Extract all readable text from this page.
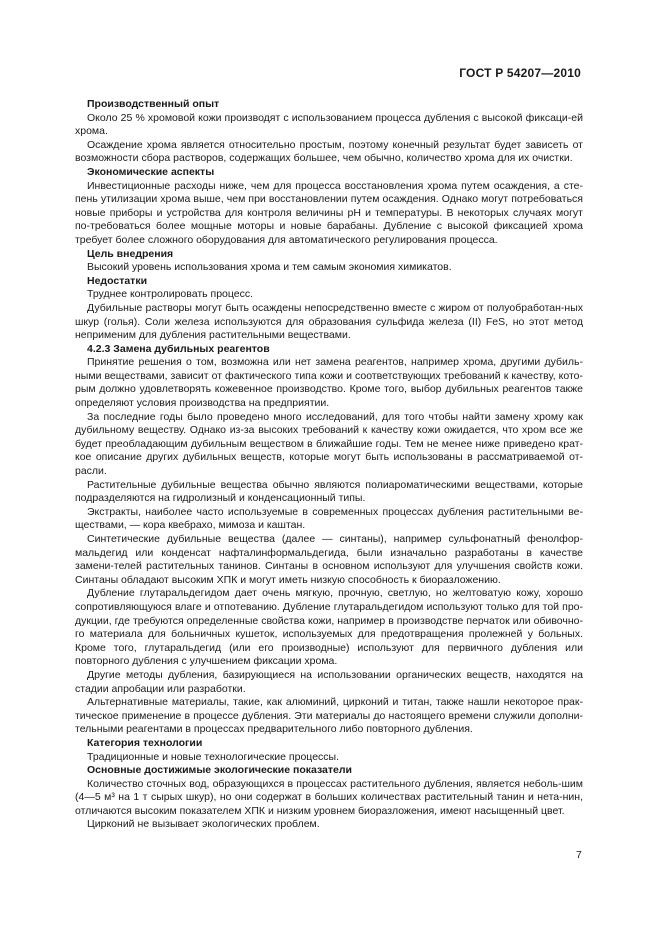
ГОСТ Р 54207—2010

Производственный опыт

Около 25 % хромовой кожи производят с использованием процесса дубления с высокой фиксаци-ей хрома.

Осаждение хрома является относительно простым, поэтому конечный результат будет зависеть от возможности сбора растворов, содержащих большее, чем обычно, количество хрома для их очистки.

Экономические аспекты

Инвестиционные расходы ниже, чем для процесса восстановления хрома путем осаждения, а сте-пень утилизации хрома выше, чем при восстановлении путем осаждения. Однако могут потребоваться новые приборы и устройства для контроля величины pH и температуры. В некоторых случаях могут по-требоваться более мощные моторы и новые барабаны. Дубление с высокой фиксацией хрома требует более сложного оборудования для автоматического регулирования процесса.

Цель внедрения

Высокий уровень использования хрома и тем самым экономия химикатов.

Недостатки

Труднее контролировать процесс.

Дубильные растворы могут быть осаждены непосредственно вместе с жиром от полуобработан-ных шкур (голья). Соли железа используются для образования сульфида железа (II) FeS, но этот метод неприменим для дубления растительными веществами.

4.2.3 Замена дубильных реагентов

Принятие решения о том, возможна или нет замена реагентов, например хрома, другими дубиль-ными веществами, зависит от фактического типа кожи и соответствующих требований к качеству, кото-рым должно удовлетворять кожевенное производство. Кроме того, выбор дубильных реагентов также определяют условия производства на предприятии.

За последние годы было проведено много исследований, для того чтобы найти замену хрому как дубильному веществу. Однако из-за высоких требований к качеству кожи ожидается, что хром все же будет преобладающим дубильным веществом в ближайшие годы. Тем не менее ниже приведено крат-кое описание других дубильных веществ, которые могут быть использованы в рассматриваемой от-расли.

Растительные дубильные вещества обычно являются полиароматическими веществами, которые подразделяются на гидролизный и конденсационный типы.

Экстракты, наиболее часто используемые в современных процессах дубления растительными ве-ществами, — кора квебрахо, мимоза и каштан.

Синтетические дубильные вещества (далее — синтаны), например сульфонатный фенолфор-мальдегид или конденсат нафталинформальдегида, были изначально разработаны в качестве замени-телей растительных танинов. Синтаны в основном используют для улучшения свойств кожи. Синтаны обладают высоким ХПК и могут иметь низкую способность к биоразложению.

Дубление глутаральдегидом дает очень мягкую, прочную, светлую, но желтоватую кожу, хорошо сопротивляющуюся влаге и отпотеванию. Дубление глутаральдегидом используют только для той про-дукции, где требуются определенные свойства кожи, например в производстве перчаток или обивочно-го материала для больничных кушеток, используемых для предотвращения пролежней у больных. Кроме того, глутаральдегид (или его производные) используют для первичного дубления или повторного дубления с улучшением фиксации хрома.

Другие методы дубления, базирующиеся на использовании органических веществ, находятся на стадии апробации или разработки.

Альтернативные материалы, такие, как алюминий, цирконий и титан, также нашли некоторое прак-тическое применение в процессе дубления. Эти материалы до настоящего времени служили дополни-тельными реагентами в процессах предварительного либо повторного дубления.

Категория технологии

Традиционные и новые технологические процессы.

Основные достижимые экологические показатели

Количество сточных вод, образующихся в процессах растительного дубления, является неболь-шим (4—5 м³ на 1 т сырых шкур), но они содержат в больших количествах растительный танин и нета-нин, отличаются высоким показателем ХПК и низким уровнем биоразложения, имеют насыщенный цвет.

Цирконий не вызывает экологических проблем.

7
